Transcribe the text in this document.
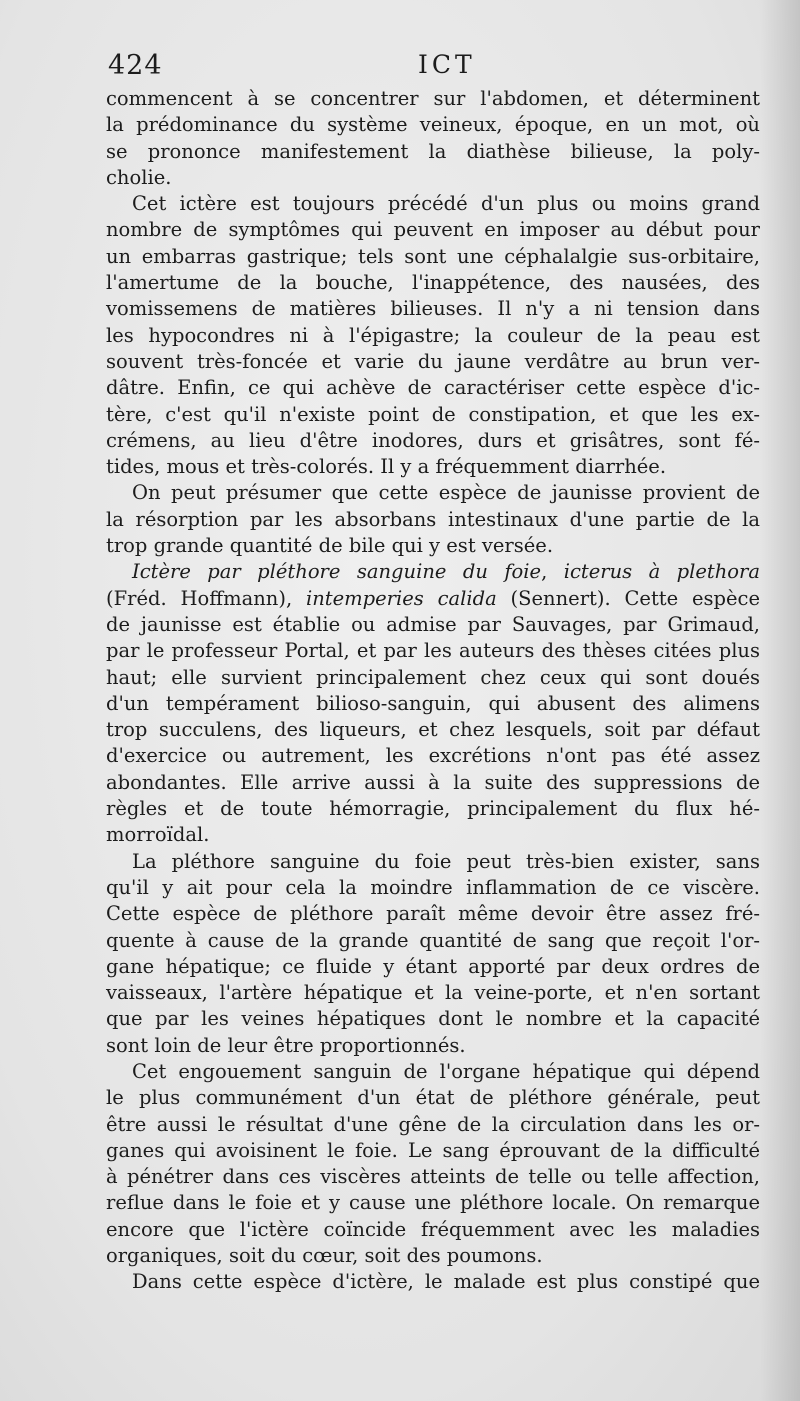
424	ICT
commencent à se concentrer sur l'abdomen, et déterminent
la prédominance du système veineux, époque, en un mot, où
se prononce manifestement la diathèse bilieuse, la poly-
cholie.
Cet ictère est toujours précédé d'un plus ou moins grand
nombre de symptômes qui peuvent en imposer au début pour
un embarras gastrique; tels sont une céphalalgie sus-orbitaire,
l'amertume de la bouche, l'inappétence, des nausées, des
vomissemens de matières bilieuses. Il n'y a ni tension dans
les hypocondres ni à l'épigastre; la couleur de la peau est
souvent très-foncée et varie du jaune verdâtre au brun ver-
dâtre. Enfin, ce qui achève de caractériser cette espèce d'ic-
tère, c'est qu'il n'existe point de constipation, et que les ex-
crémens, au lieu d'être inodores, durs et grisâtres, sont fé-
tides, mous et très-colorés. Il y a fréquemment diarrhée.
On peut présumer que cette espèce de jaunisse provient de
la résorption par les absorbans intestinaux d'une partie de la
trop grande quantité de bile qui y est versée.
Ictère par pléthore sanguine du foie, icterus à plethora
(Fréd. Hoffmann), intemperies calida (Sennert). Cette espèce
de jaunisse est établie ou admise par Sauvages, par Grimaud,
par le professeur Portal, et par les auteurs des thèses citées plus
haut; elle survient principalement chez ceux qui sont doués
d'un tempérament bilioso-sanguin, qui abusent des alimens
trop succulens, des liqueurs, et chez lesquels, soit par défaut
d'exercice ou autrement, les excrétions n'ont pas été assez
abondantes. Elle arrive aussi à la suite des suppressions de
règles et de toute hémorragie, principalement du flux hé-
morroïdal.
La pléthore sanguine du foie peut très-bien exister, sans
qu'il y ait pour cela la moindre inflammation de ce viscère.
Cette espèce de pléthore paraît même devoir être assez fré-
quente à cause de la grande quantité de sang que reçoit l'or-
gane hépatique; ce fluide y étant apporté par deux ordres de
vaisseaux, l'artère hépatique et la veine-porte, et n'en sortant
que par les veines hépatiques dont le nombre et la capacité
sont loin de leur être proportionnés.
Cet engouement sanguin de l'organe hépatique qui dépend
le plus communément d'un état de pléthore générale, peut
être aussi le résultat d'une gêne de la circulation dans les or-
ganes qui avoisinent le foie. Le sang éprouvant de la difficulté
à pénétrer dans ces viscères atteints de telle ou telle affection,
reflue dans le foie et y cause une pléthore locale. On remarque
encore que l'ictère coïncide fréquemment avec les maladies
organiques, soit du cœur, soit des poumons.
Dans cette espèce d'ictère, le malade est plus constipé que
